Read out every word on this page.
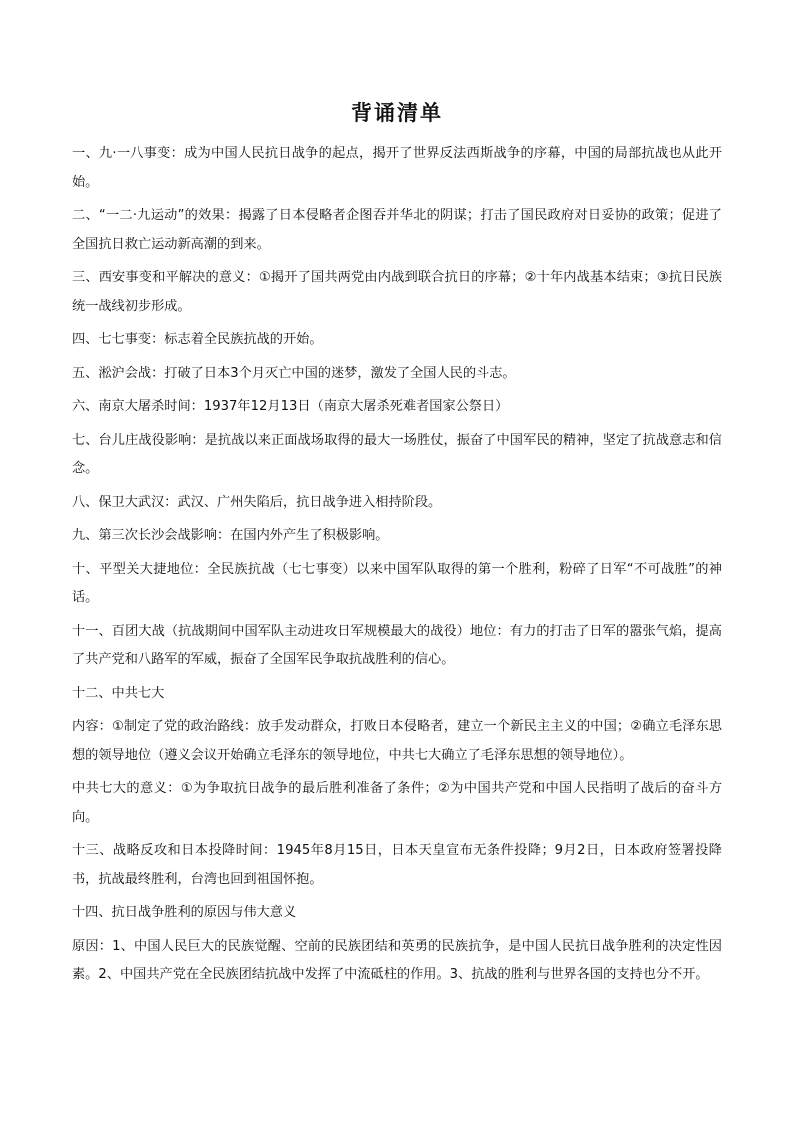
背诵清单

一、九·一八事变：成为中国人民抗日战争的起点，揭开了世界反法西斯战争的序幕，中国的局部抗战也从此开始。

二、“一二·九运动”的效果：揭露了日本侵略者企图吞并华北的阴谋；打击了国民政府对日妥协的政策；促进了全国抗日救亡运动新高潮的到来。

三、西安事变和平解决的意义：①揭开了国共两党由内战到联合抗日的序幕；②十年内战基本结束；③抗日民族统一战线初步形成。

四、七七事变：标志着全民族抗战的开始。

五、淞沪会战：打破了日本3个月灭亡中国的迷梦，激发了全国人民的斗志。

六、南京大屠杀时间：1937年12月13日（南京大屠杀死难者国家公祭日）

七、台儿庄战役影响：是抗战以来正面战场取得的最大一场胜仗，振奋了中国军民的精神，坚定了抗战意志和信念。

八、保卫大武汉：武汉、广州失陷后，抗日战争进入相持阶段。

九、第三次长沙会战影响：在国内外产生了积极影响。

十、平型关大捷地位：全民族抗战（七七事变）以来中国军队取得的第一个胜利，粉碎了日军“不可战胜”的神话。

十一、百团大战（抗战期间中国军队主动进攻日军规模最大的战役）地位：有力的打击了日军的嚣张气焰，提高了共产党和八路军的军威，振奋了全国军民争取抗战胜利的信心。

十二、中共七大

内容：①制定了党的政治路线：放手发动群众，打败日本侵略者，建立一个新民主主义的中国；②确立毛泽东思想的领导地位（遵义会议开始确立毛泽东的领导地位，中共七大确立了毛泽东思想的领导地位）。

中共七大的意义：①为争取抗日战争的最后胜利准备了条件；②为中国共产党和中国人民指明了战后的奋斗方向。

十三、战略反攻和日本投降时间：1945年8月15日，日本天皇宣布无条件投降；9月2日，日本政府签署投降书，抗战最终胜利，台湾也回到祖国怀抱。

十四、抗日战争胜利的原因与伟大意义

原因：1、中国人民巨大的民族觉醒、空前的民族团结和英勇的民族抗争，是中国人民抗日战争胜利的决定性因素。2、中国共产党在全民族团结抗战中发挥了中流砥柱的作用。3、抗战的胜利与世界各国的支持也分不开。
